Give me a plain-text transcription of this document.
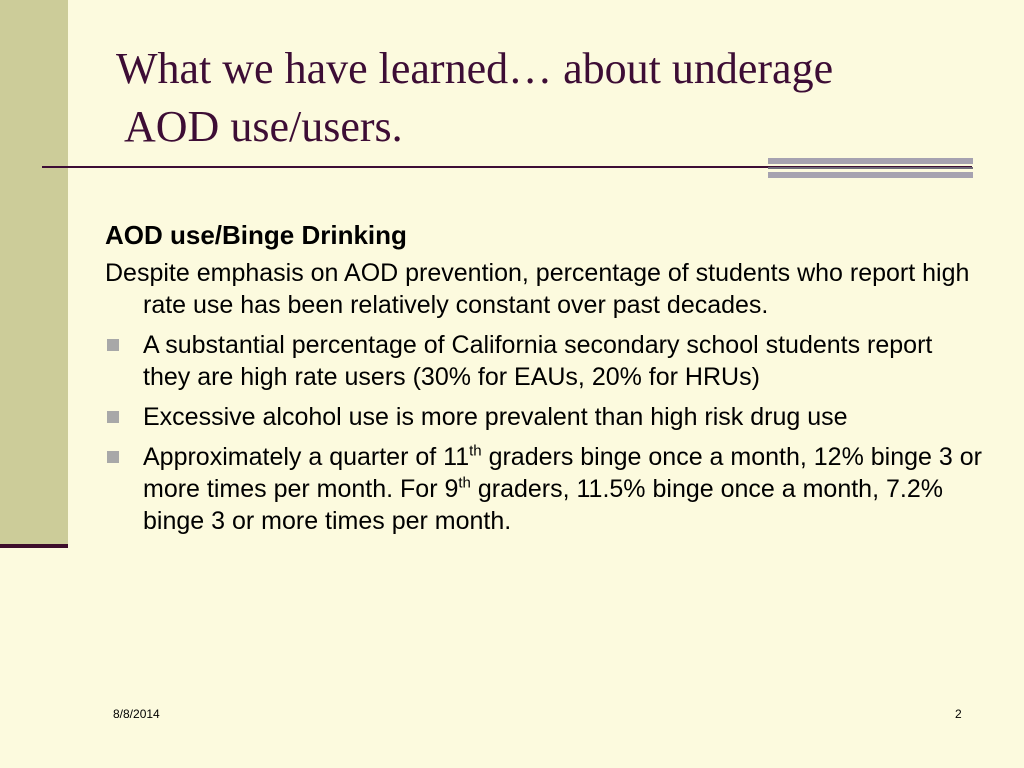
What we have learned… about underage
AOD use/users.
AOD use/Binge Drinking
Despite emphasis on AOD prevention, percentage of students who report high rate use has been relatively constant over past decades.
A substantial percentage of California secondary school students report they are high rate users (30% for EAUs, 20% for HRUs)
Excessive alcohol use is more prevalent than high risk drug use
Approximately a quarter of 11th graders binge once a month, 12% binge 3 or more times per month. For 9th graders, 11.5% binge once a month, 7.2% binge 3 or more times per month.
8/8/2014	2
